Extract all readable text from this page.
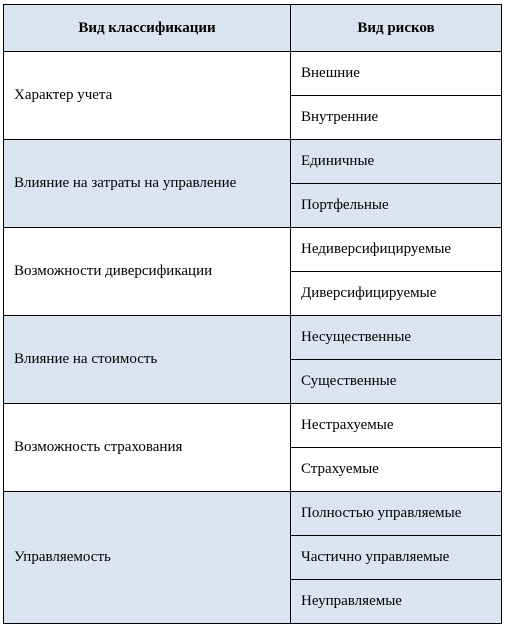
Вид классификации	Вид рисков
Характер учета	Внешние
	Внутренние
Влияние на затраты на управление	Единичные
	Портфельные
Возможности диверсификации	Недиверсифицируемые
	Диверсифицируемые
Влияние на стоимость	Несущественные
	Существенные
Возможность страхования	Нестрахуемые
	Страхуемые
Управляемость	Полностью управляемые
	Частично управляемые
	Неуправляемые
